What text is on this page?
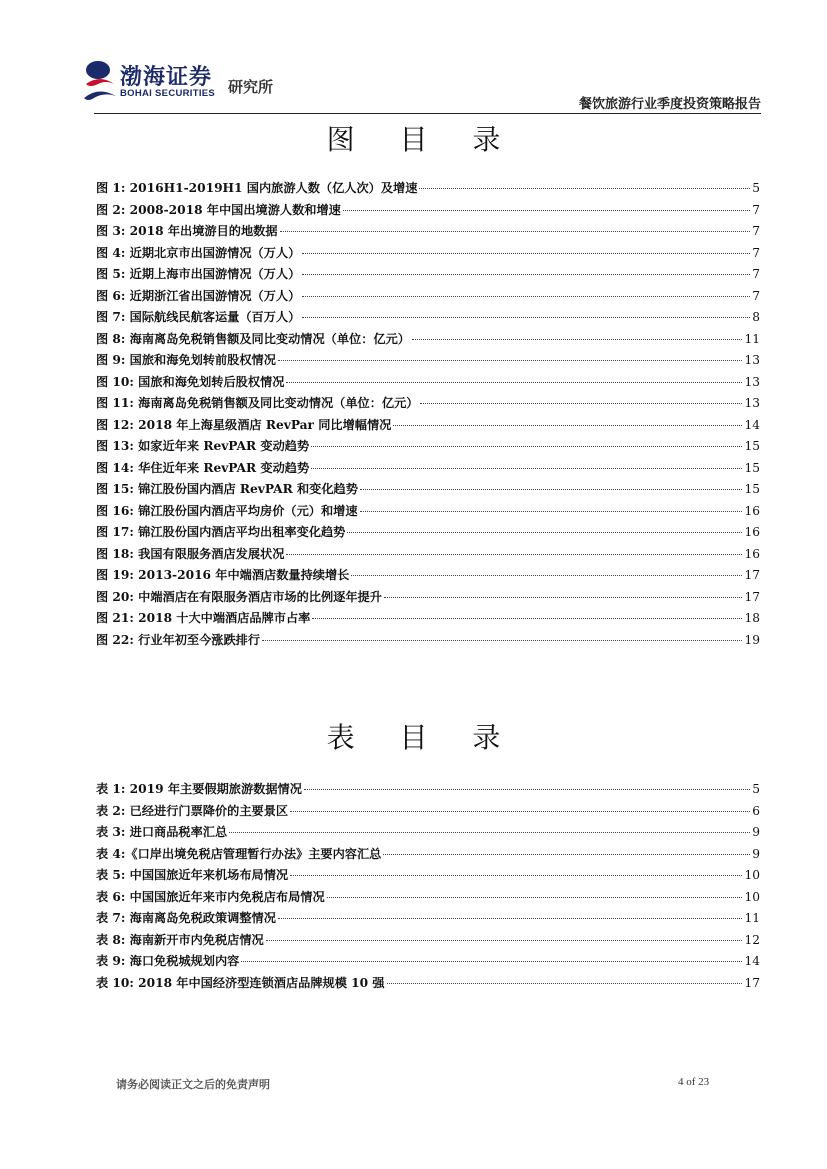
渤海证券
BOHAI SECURITIES 研究所
餐饮旅游行业季度投资策略报告
图 目 录
图 1: 2016H1-2019H1 国内旅游人数（亿人次）及增速	5
图 2: 2008-2018 年中国出境游人数和增速	7
图 3: 2018 年出境游目的地数据	7
图 4: 近期北京市出国游情况（万人）	7
图 5: 近期上海市出国游情况（万人）	7
图 6: 近期浙江省出国游情况（万人）	7
图 7: 国际航线民航客运量（百万人）	8
图 8: 海南离岛免税销售额及同比变动情况（单位：亿元）	11
图 9: 国旅和海免划转前股权情况	13
图 10: 国旅和海免划转后股权情况	13
图 11: 海南离岛免税销售额及同比变动情况（单位：亿元）	13
图 12: 2018 年上海星级酒店 RevPar 同比增幅情况	14
图 13: 如家近年来 RevPAR 变动趋势	15
图 14: 华住近年来 RevPAR 变动趋势	15
图 15: 锦江股份国内酒店 RevPAR 和变化趋势	15
图 16: 锦江股份国内酒店平均房价（元）和增速	16
图 17: 锦江股份国内酒店平均出租率变化趋势	16
图 18: 我国有限服务酒店发展状况	16
图 19: 2013-2016 年中端酒店数量持续增长	17
图 20: 中端酒店在有限服务酒店市场的比例逐年提升	17
图 21: 2018 十大中端酒店品牌市占率	18
图 22: 行业年初至今涨跌排行	19
表 目 录
表 1: 2019 年主要假期旅游数据情况	5
表 2: 已经进行门票降价的主要景区	6
表 3: 进口商品税率汇总	9
表 4:《口岸出境免税店管理暂行办法》主要内容汇总	9
表 5: 中国国旅近年来机场布局情况	10
表 6: 中国国旅近年来市内免税店布局情况	10
表 7: 海南离岛免税政策调整情况	11
表 8: 海南新开市内免税店情况	12
表 9: 海口免税城规划内容	14
表 10: 2018 年中国经济型连锁酒店品牌规模 10 强	17
请务必阅读正文之后的免责声明	4 of 23
